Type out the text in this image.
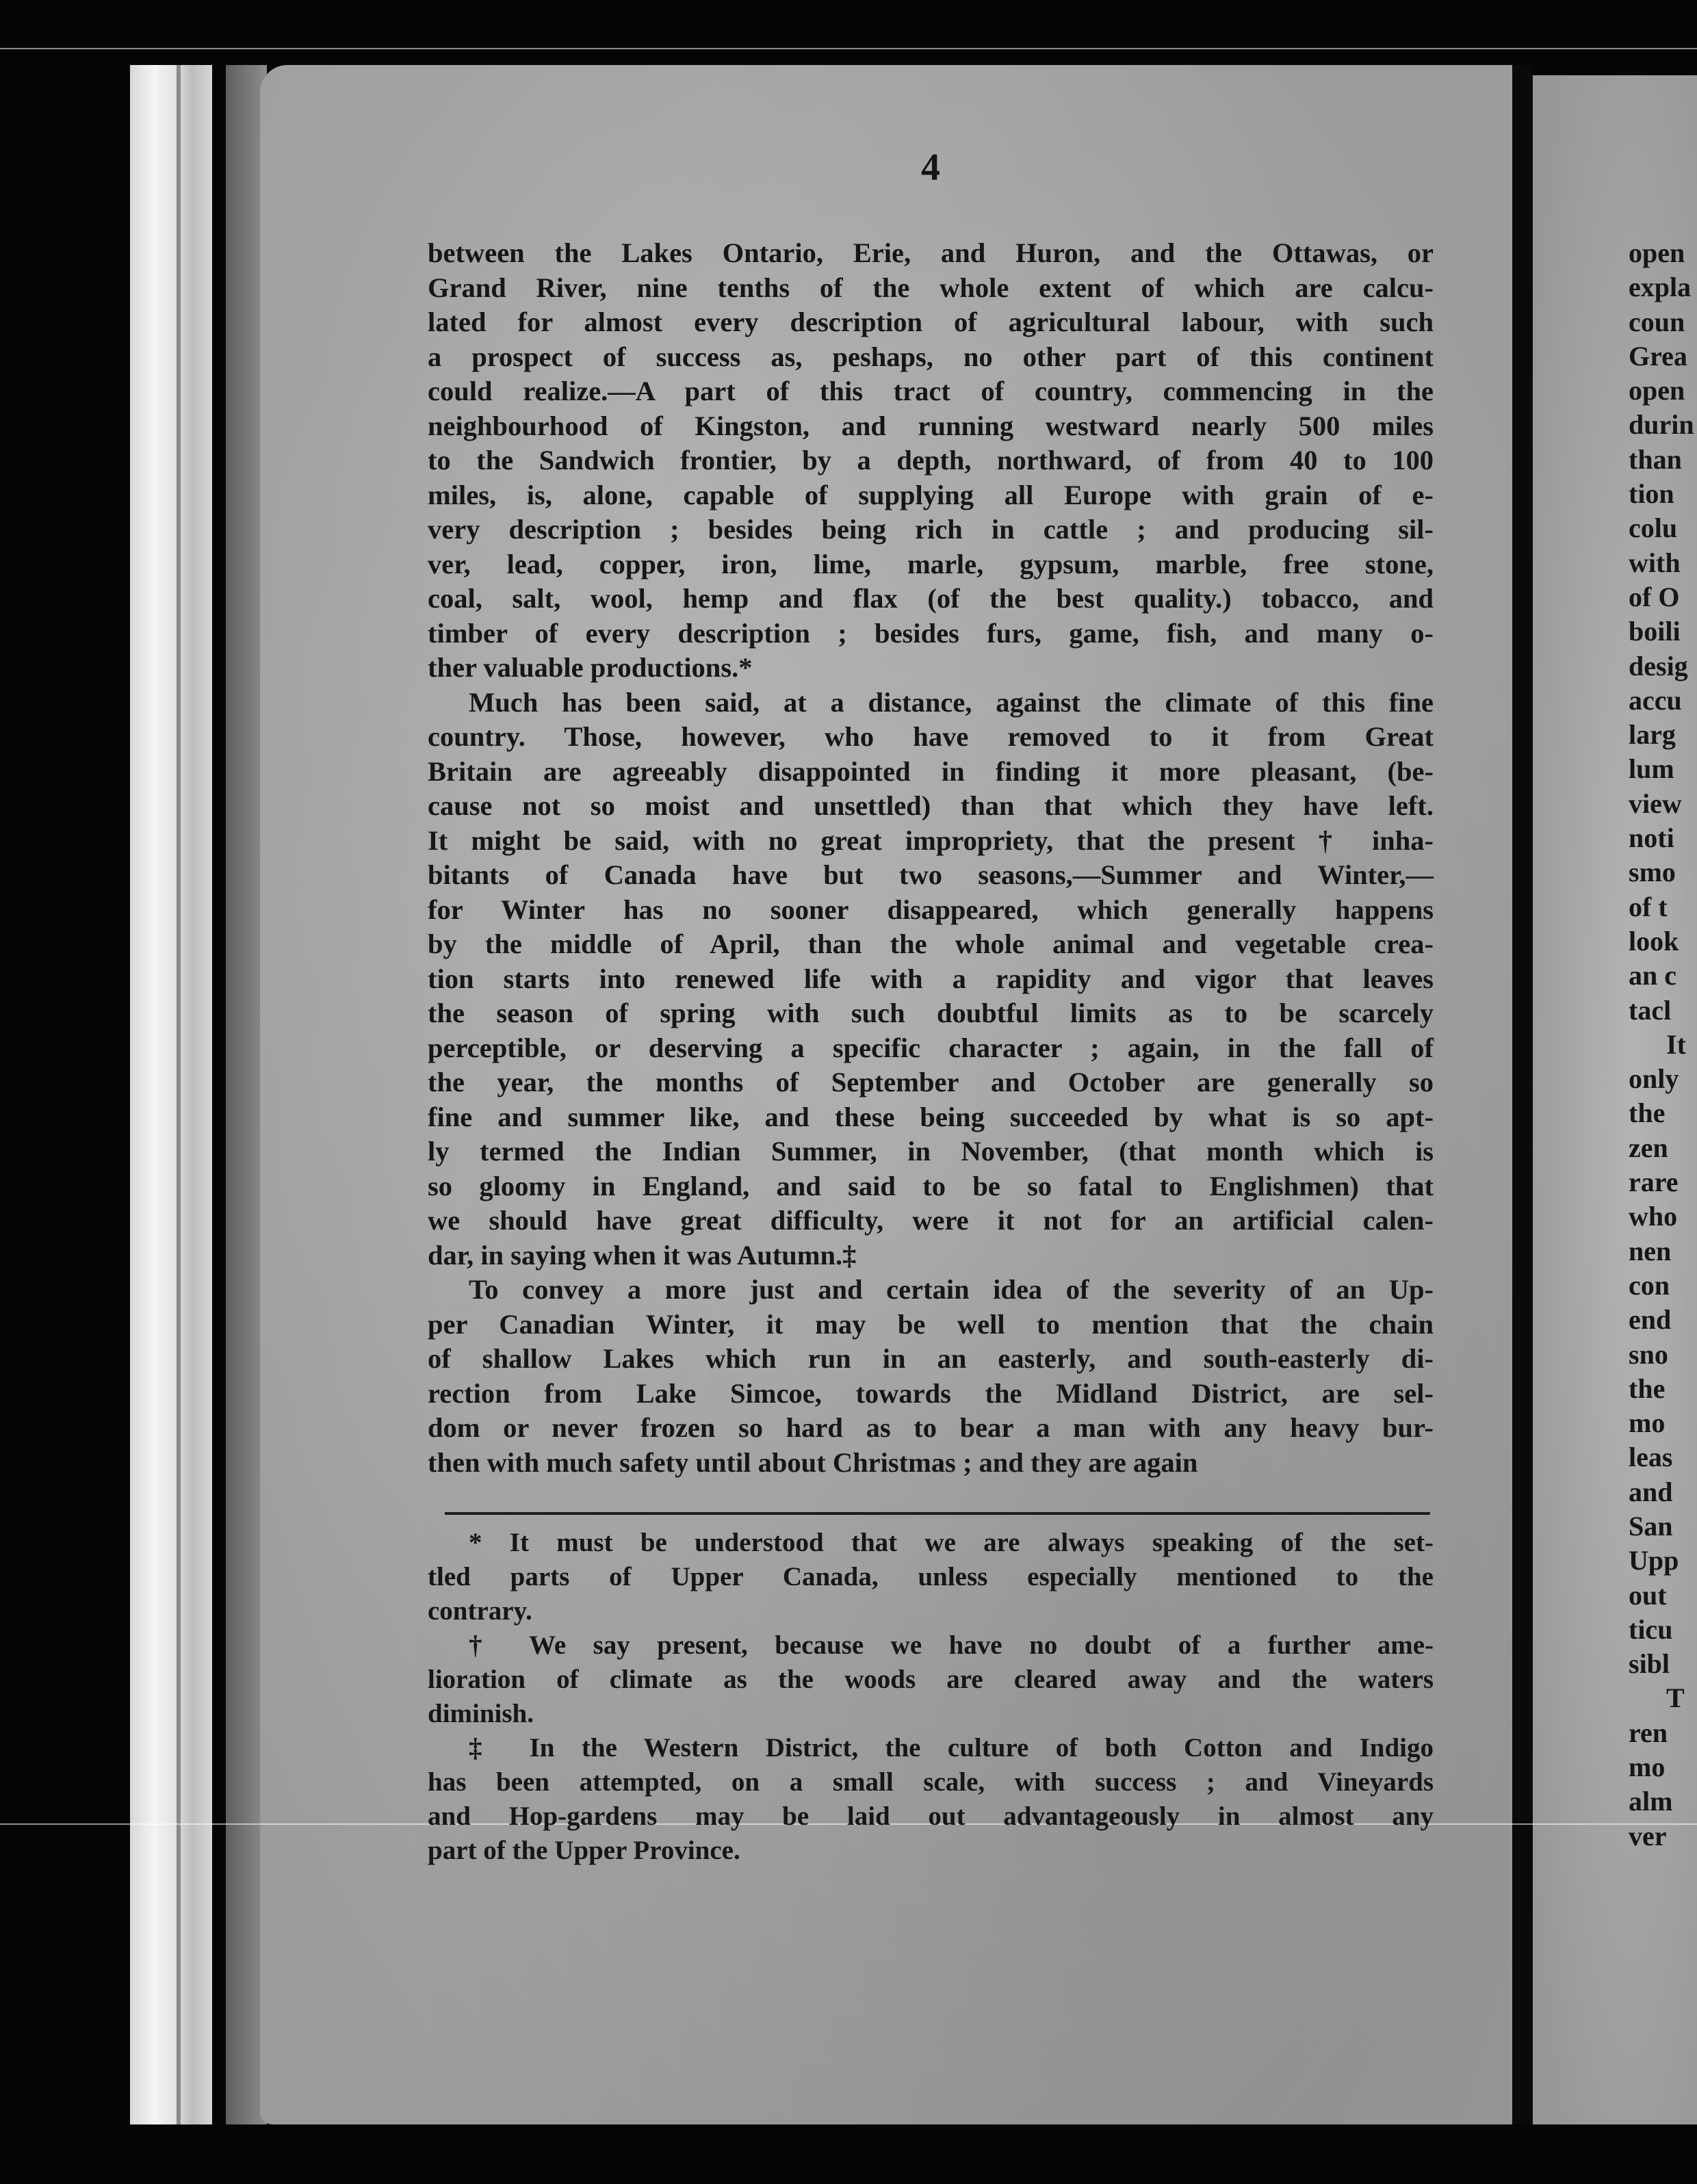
4
between the Lakes Ontario, Erie, and Huron, and the Ottawas, or
Grand River, nine tenths of the whole extent of which are calcu-
lated for almost every description of agricultural labour, with such
a prospect of success as, peshaps, no other part of this continent
could realize.—A part of this tract of country, commencing in the
neighbourhood of Kingston, and running westward nearly 500 miles
to the Sandwich frontier, by a depth, northward, of from 40 to 100
miles, is, alone, capable of supplying all Europe with grain of e-
very description ; besides being rich in cattle ; and producing sil-
ver, lead, copper, iron, lime, marle, gypsum, marble, free stone,
coal, salt, wool, hemp and flax (of the best quality.) tobacco, and
timber of every description ; besides furs, game, fish, and many o-
ther valuable productions.*
Much has been said, at a distance, against the climate of this fine
country. Those, however, who have removed to it from Great
Britain are agreeably disappointed in finding it more pleasant, (be-
cause not so moist and unsettled) than that which they have left.
It might be said, with no great impropriety, that the present † inha-
bitants of Canada have but two seasons,—Summer and Winter,—
for Winter has no sooner disappeared, which generally happens
by the middle of April, than the whole animal and vegetable crea-
tion starts into renewed life with a rapidity and vigor that leaves
the season of spring with such doubtful limits as to be scarcely
perceptible, or deserving a specific character ; again, in the fall of
the year, the months of September and October are generally so
fine and summer like, and these being succeeded by what is so apt-
ly termed the Indian Summer, in November, (that month which is
so gloomy in England, and said to be so fatal to Englishmen) that
we should have great difficulty, were it not for an artificial calen-
dar, in saying when it was Autumn.‡
To convey a more just and certain idea of the severity of an Up-
per Canadian Winter, it may be well to mention that the chain
of shallow Lakes which run in an easterly, and south-easterly di-
rection from Lake Simcoe, towards the Midland District, are sel-
dom or never frozen so hard as to bear a man with any heavy bur-
then with much safety until about Christmas ; and they are again
* It must be understood that we are always speaking of the set-
tled parts of Upper Canada, unless especially mentioned to the
contrary.
† We say present, because we have no doubt of a further ame-
lioration of climate as the woods are cleared away and the waters
diminish.
‡ In the Western District, the culture of both Cotton and Indigo
has been attempted, on a small scale, with success ; and Vineyards
and Hop-gardens may be laid out advantageously in almost any
part of the Upper Province.
open
expla
coun
Grea
open
durin
than
tion
colu
with
of O
boili
desig
accu
larg
lum
view
noti
smo
of t
look
an c
tacl
It
only
the
zen
rare
who
nen
con
end
sno
the
mo
leas
and
San
Upp
out
ticu
sibl
T
ren
mo
alm
ver
